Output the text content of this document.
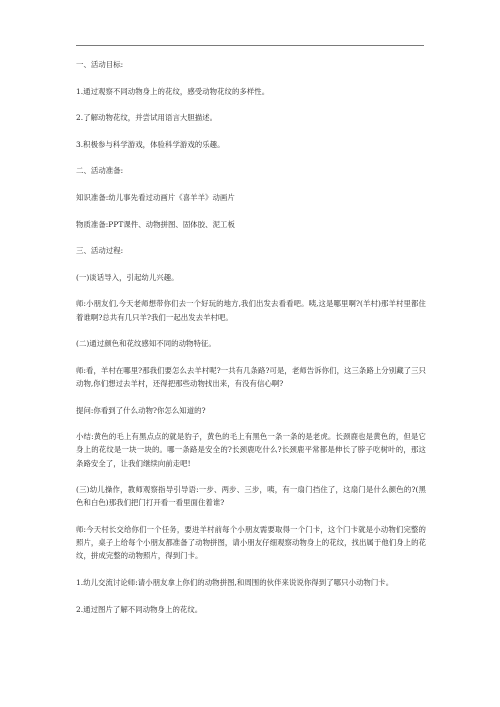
一、活动目标:

1.通过观察不同动物身上的花纹，感受动物花纹的多样性。

2.了解动物花纹，并尝试用语言大胆描述。

3.积极参与科学游戏，体验科学游戏的乐趣。

二、活动准备:

知识准备:幼儿事先看过动画片《喜羊羊》动画片

物质准备:PPT课件、动物拼图、固体胶、泥工板

三、活动过程:

(一)谈话导入，引起幼儿兴趣。

师:小朋友们,今天老师想带你们去一个好玩的地方,我们出发去看看吧。咦,这是哪里啊?(羊村)那羊村里都住着谁啊?总共有几只羊?我们一起出发去羊村吧。

(二)通过颜色和花纹感知不同的动物特征。

师:看，羊村在哪里?那我们要怎么去羊村呢?一共有几条路?可是，老师告诉你们，这三条路上分别藏了三只动物,你们想过去羊村，还得把那些动物找出来，有没有信心啊?

提问:你看到了什么动物?你怎么知道的?

小结:黄色的毛上有黑点点的就是豹子，黄色的毛上有黑色一条一条的是老虎。长颈鹿也是黄色的，但是它身上的花纹是一块一块的。哪一条路是安全的?长颈鹿吃什么?长颈鹿平常都是伸长了脖子吃树叶的，那这条路安全了，让我们继续向前走吧!

(三)幼儿操作，教师观察指导引导语:一步、两步、三步，咦，有一扇门挡住了，这扇门是什么颜色的?(黑色和白色)那我们把门打开看一看里面住着谁?

师:今天村长交给你们一个任务，要进羊村前每个小朋友需要取得一个门卡，这个门卡就是小动物们完整的照片，桌子上给每个小朋友都准备了动物拼图，请小朋友仔细观察动物身上的花纹，找出属于他们身上的花纹，拼成完整的动物照片，得到门卡。

1.幼儿交流讨论师:请小朋友拿上你们的动物拼图,和周围的伙伴来说说你得到了哪只小动物门卡。

2.通过图片了解不同动物身上的花纹。
